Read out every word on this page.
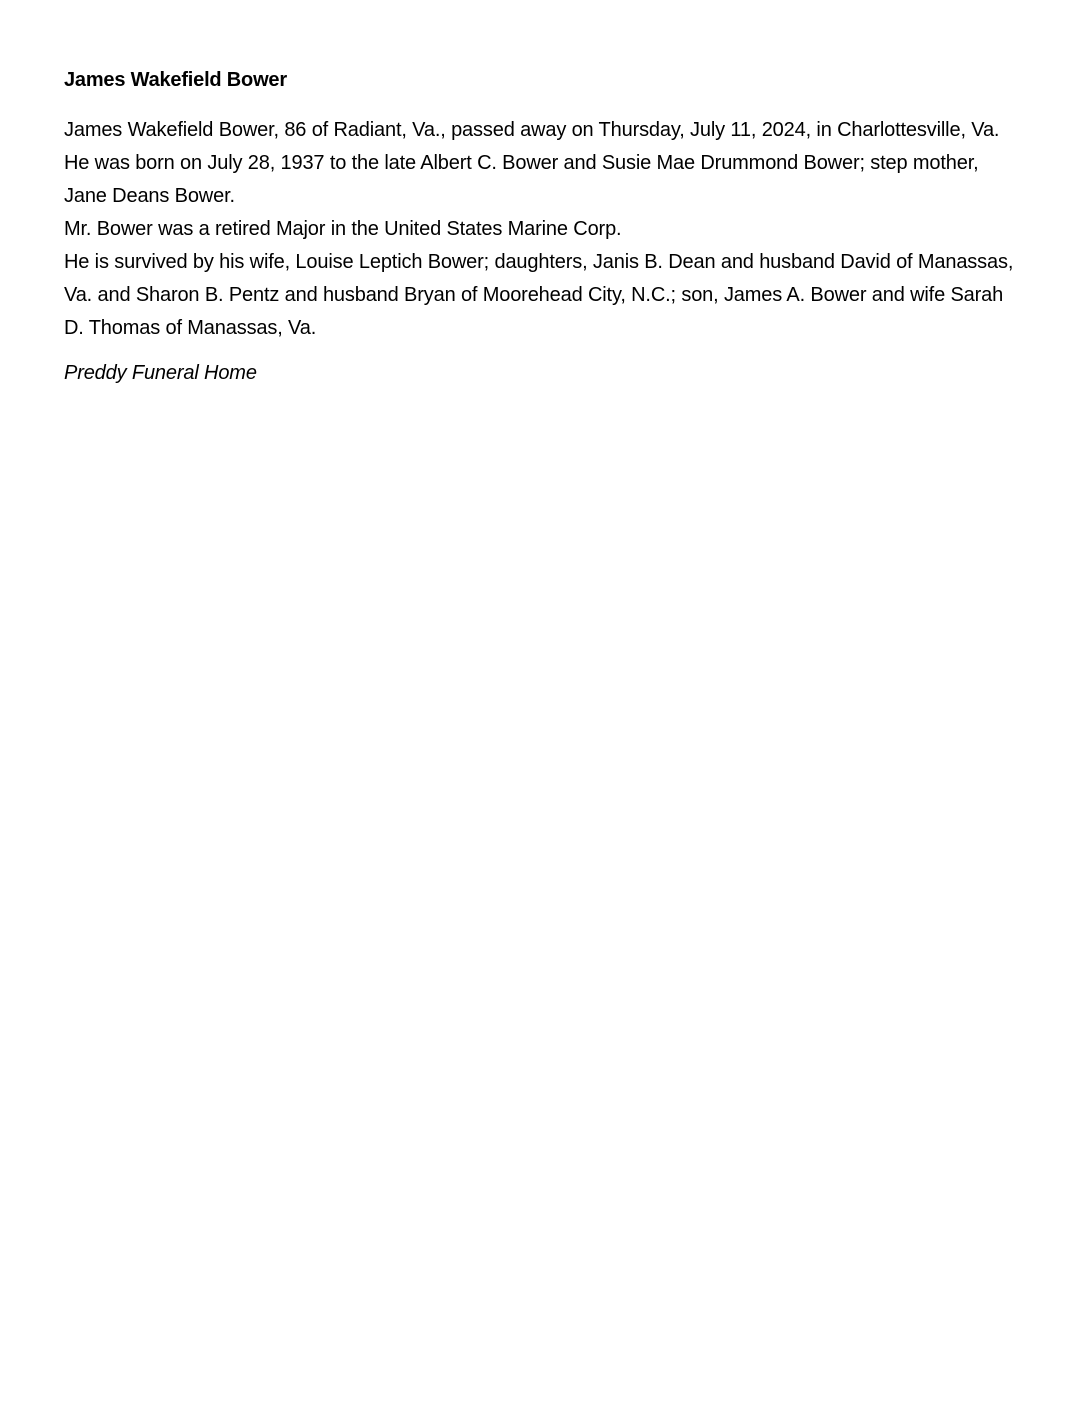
James Wakefield Bower
James Wakefield Bower, 86 of Radiant, Va., passed away on Thursday, July 11, 2024, in Charlottesville, Va. He was born on July 28, 1937 to the late Albert C. Bower and Susie Mae Drummond Bower; step mother, Jane Deans Bower.
Mr. Bower was a retired Major in the United States Marine Corp.
He is survived by his wife, Louise Leptich Bower; daughters, Janis B. Dean and husband David of Manassas, Va. and Sharon B. Pentz and husband Bryan of Moorehead City, N.C.; son, James A. Bower and wife Sarah D. Thomas of Manassas, Va.
Preddy Funeral Home
